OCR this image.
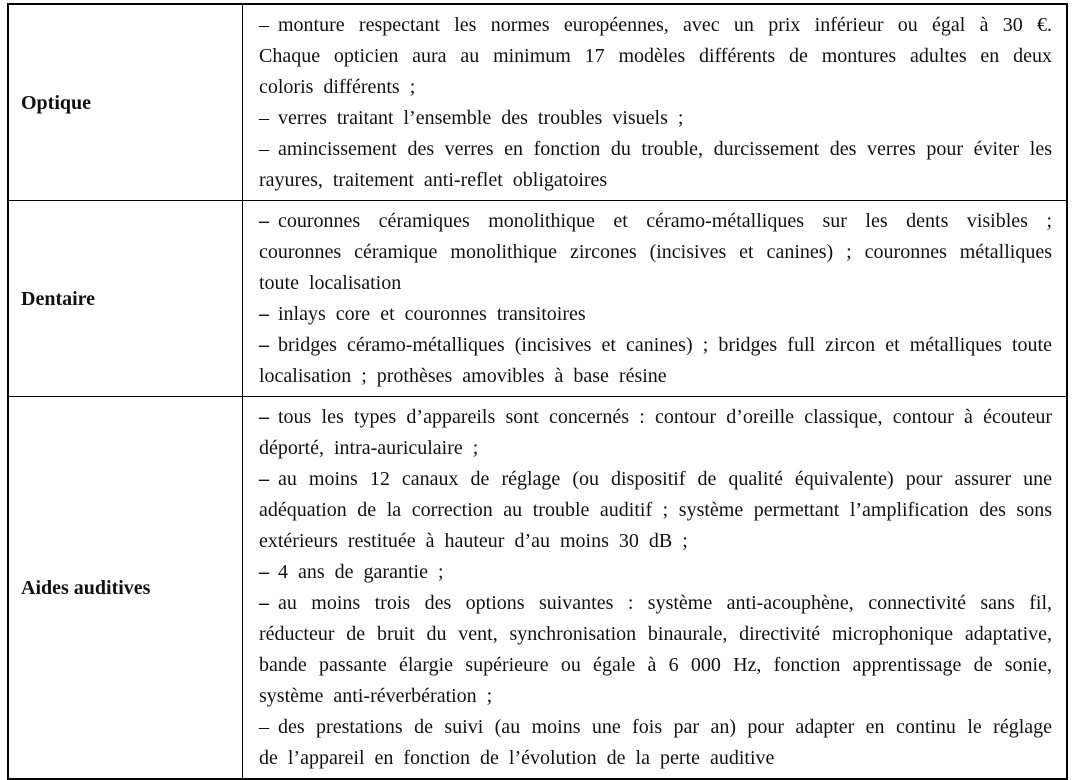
Optique	– monture respectant les normes européennes, avec un prix inférieur ou égal à 30 €. Chaque opticien aura au minimum 17 modèles différents de montures adultes en deux coloris différents ;

– verres traitant l’ensemble des troubles visuels ;

– amincissement des verres en fonction du trouble, durcissement des verres pour éviter les rayures, traitement anti-reflet obligatoires

Dentaire	– couronnes céramiques monolithique et céramo-métalliques sur les dents visibles ; couronnes céramique monolithique zircones (incisives et canines) ; couronnes métalliques toute localisation

– inlays core et couronnes transitoires

– bridges céramo-métalliques (incisives et canines) ; bridges full zircon et métalliques toute localisation ; prothèses amovibles à base résine

Aides auditives	– tous les types d’appareils sont concernés : contour d’oreille classique, contour à écouteur déporté, intra-auriculaire ;

– au moins 12 canaux de réglage (ou dispositif de qualité équivalente) pour assurer une adéquation de la correction au trouble auditif ; système permettant l’amplification des sons extérieurs restituée à hauteur d’au moins 30 dB ;

– 4 ans de garantie ;

– au moins trois des options suivantes : système anti-acouphène, connectivité sans fil, réducteur de bruit du vent, synchronisation binaurale, directivité microphonique adaptative, bande passante élargie supérieure ou égale à 6 000 Hz, fonction apprentissage de sonie, système anti-réverbération ;

– des prestations de suivi (au moins une fois par an) pour adapter en continu le réglage de l’appareil en fonction de l’évolution de la perte auditive
